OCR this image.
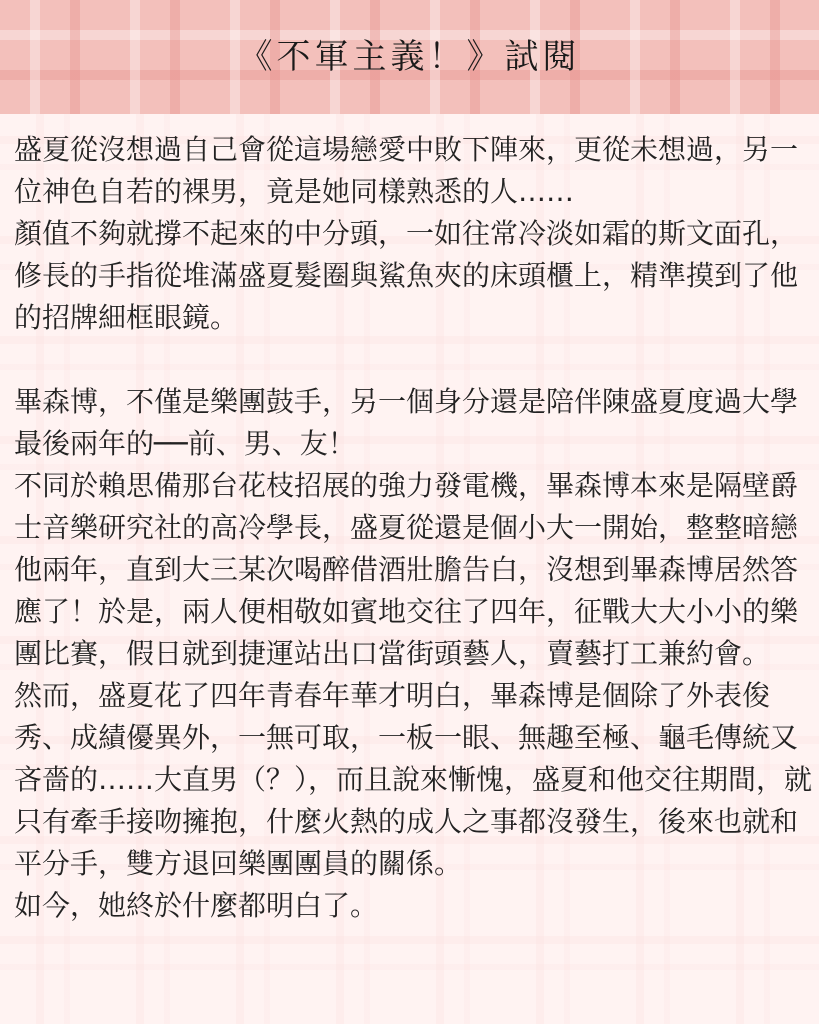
《不軍主義！》試閱

盛夏從沒想過自己會從這場戀愛中敗下陣來，更從未想過，另一位神色自若的裸男，竟是她同樣熟悉的人……

顏值不夠就撐不起來的中分頭，一如往常冷淡如霜的斯文面孔，修長的手指從堆滿盛夏髮圈與鯊魚夾的床頭櫃上，精準摸到了他的招牌細框眼鏡。

畢森博，不僅是樂團鼓手，另一個身分還是陪伴陳盛夏度過大學最後兩年的──前、男、友！

不同於賴思備那台花枝招展的強力發電機，畢森博本來是隔壁爵士音樂研究社的高冷學長，盛夏從還是個小大一開始，整整暗戀他兩年，直到大三某次喝醉借酒壯膽告白，沒想到畢森博居然答應了！於是，兩人便相敬如賓地交往了四年，征戰大大小小的樂團比賽，假日就到捷運站出口當街頭藝人，賣藝打工兼約會。

然而，盛夏花了四年青春年華才明白，畢森博是個除了外表俊秀、成績優異外，一無可取，一板一眼、無趣至極、龜毛傳統又吝嗇的……大直男（？），而且說來慚愧，盛夏和他交往期間，就只有牽手接吻擁抱，什麼火熱的成人之事都沒發生，後來也就和平分手，雙方退回樂團團員的關係。

如今，她終於什麼都明白了。
